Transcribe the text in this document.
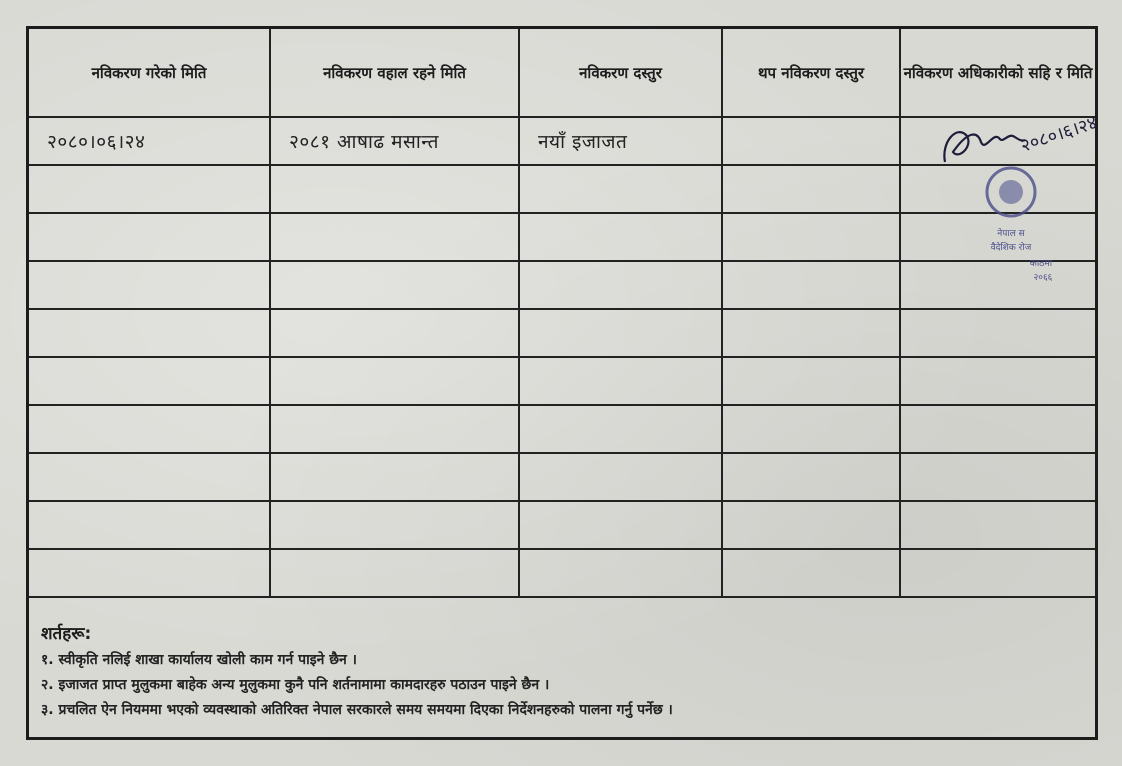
नविकरण गरेको मिति	नविकरण वहाल रहने मिति	नविकरण दस्तुर	थप नविकरण दस्तुर	नविकरण अधिकारीको सहि र मिति

२०८०।०६।२४	२०८१ आषाढ मसान्त	नयाँ इजाजत		२०८०।६।२४
नेपाल स
वैदेशिक रोज
काठमा
२०६६

शर्तहरू:

१. स्वीकृति नलिई शाखा कार्यालय खोली काम गर्न पाइने छैन ।

२. इजाजत प्राप्त मुलुकमा बाहेक अन्य मुलुकमा कुनै पनि शर्तनामामा कामदारहरु पठाउन पाइने छैन ।

३. प्रचलित ऐन नियममा भएको व्यवस्थाको अतिरिक्त नेपाल सरकारले समय समयमा दिएका निर्देशनहरुको पालना गर्नु पर्नेछ ।
